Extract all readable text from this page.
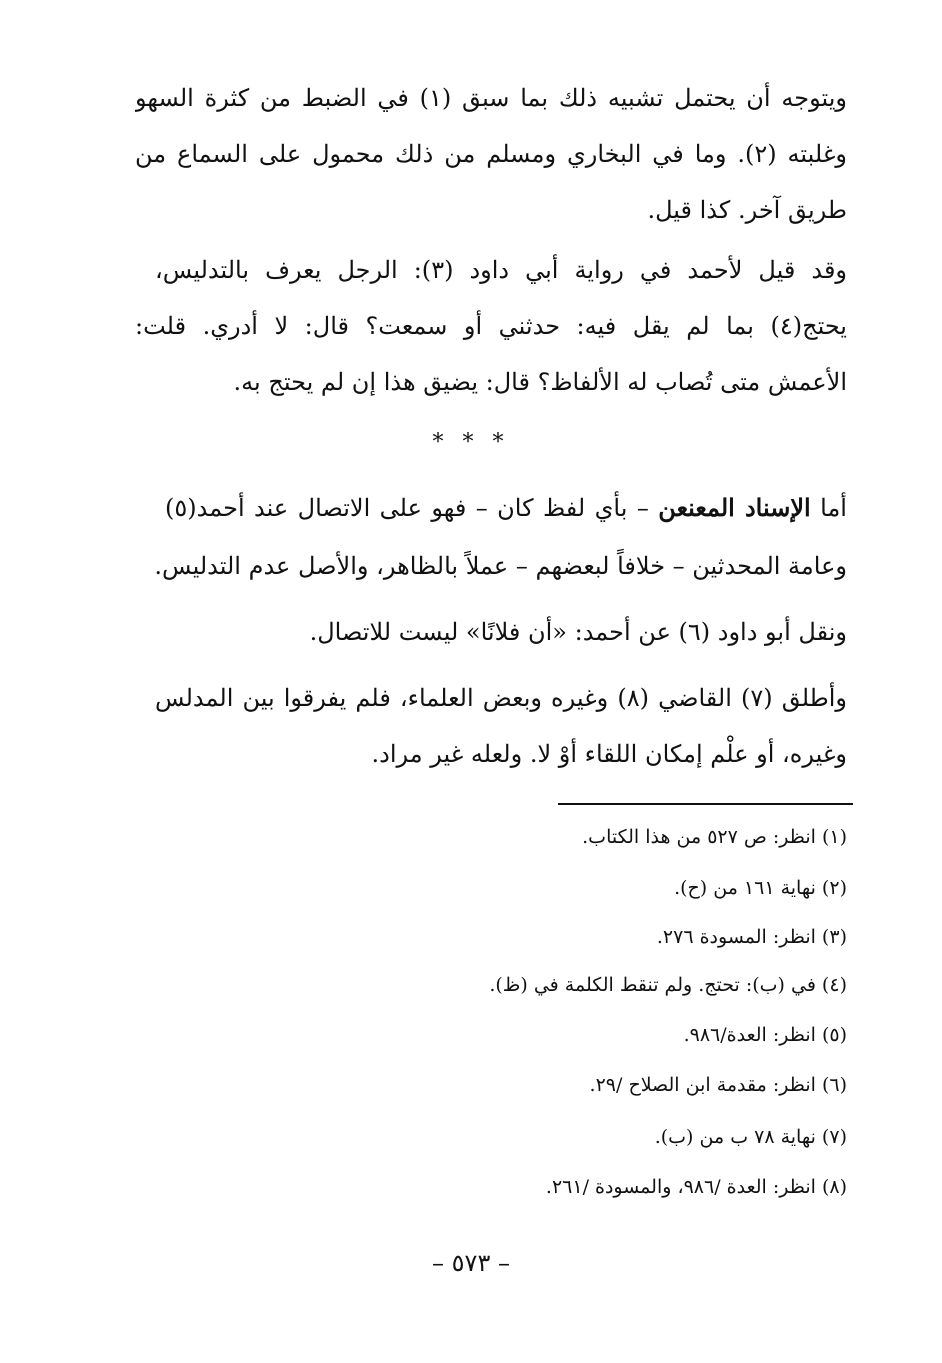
ويتوجه أن يحتمل تشبيه ذلك بما سبق (١) في الضبط من كثرة السهو
وغلبته (٢). وما في البخاري ومسلم من ذلك محمول على السماع من
طريق آخر. كذا قيل.
وقد قيل لأحمد في رواية أبي داود (٣): الرجل يعرف بالتدليس،
يحتج(٤) بما لم يقل فيه: حدثني أو سمعت؟ قال: لا أدري. قلت:
الأعمش متى تُصاب له الألفاظ؟ قال: يضيق هذا إن لم يحتج به.
* * *
أما الإسناد المعنعن – بأي لفظ كان – فهو على الاتصال عند أحمد(٥)
وعامة المحدثين – خلافاً لبعضهم – عملاً بالظاهر، والأصل عدم التدليس.
ونقل أبو داود (٦) عن أحمد: «أن فلانًا» ليست للاتصال.
وأطلق (٧) القاضي (٨) وغيره وبعض العلماء، فلم يفرقوا بين المدلس
وغيره، أو علْم إمكان اللقاء أوْ لا. ولعله غير مراد.
(١) انظر: ص ٥٢٧ من هذا الكتاب.
(٢) نهاية ١٦١ من (ح).
(٣) انظر: المسودة ٢٧٦.
(٤) في (ب): تحتج. ولم تنقط الكلمة في (ظ).
(٥) انظر: العدة/٩٨٦.
(٦) انظر: مقدمة ابن الصلاح /٢٩.
(٧) نهاية ٧٨ ب من (ب).
(٨) انظر: العدة /٩٨٦، والمسودة /٢٦١.
– ٥٧٣ –
